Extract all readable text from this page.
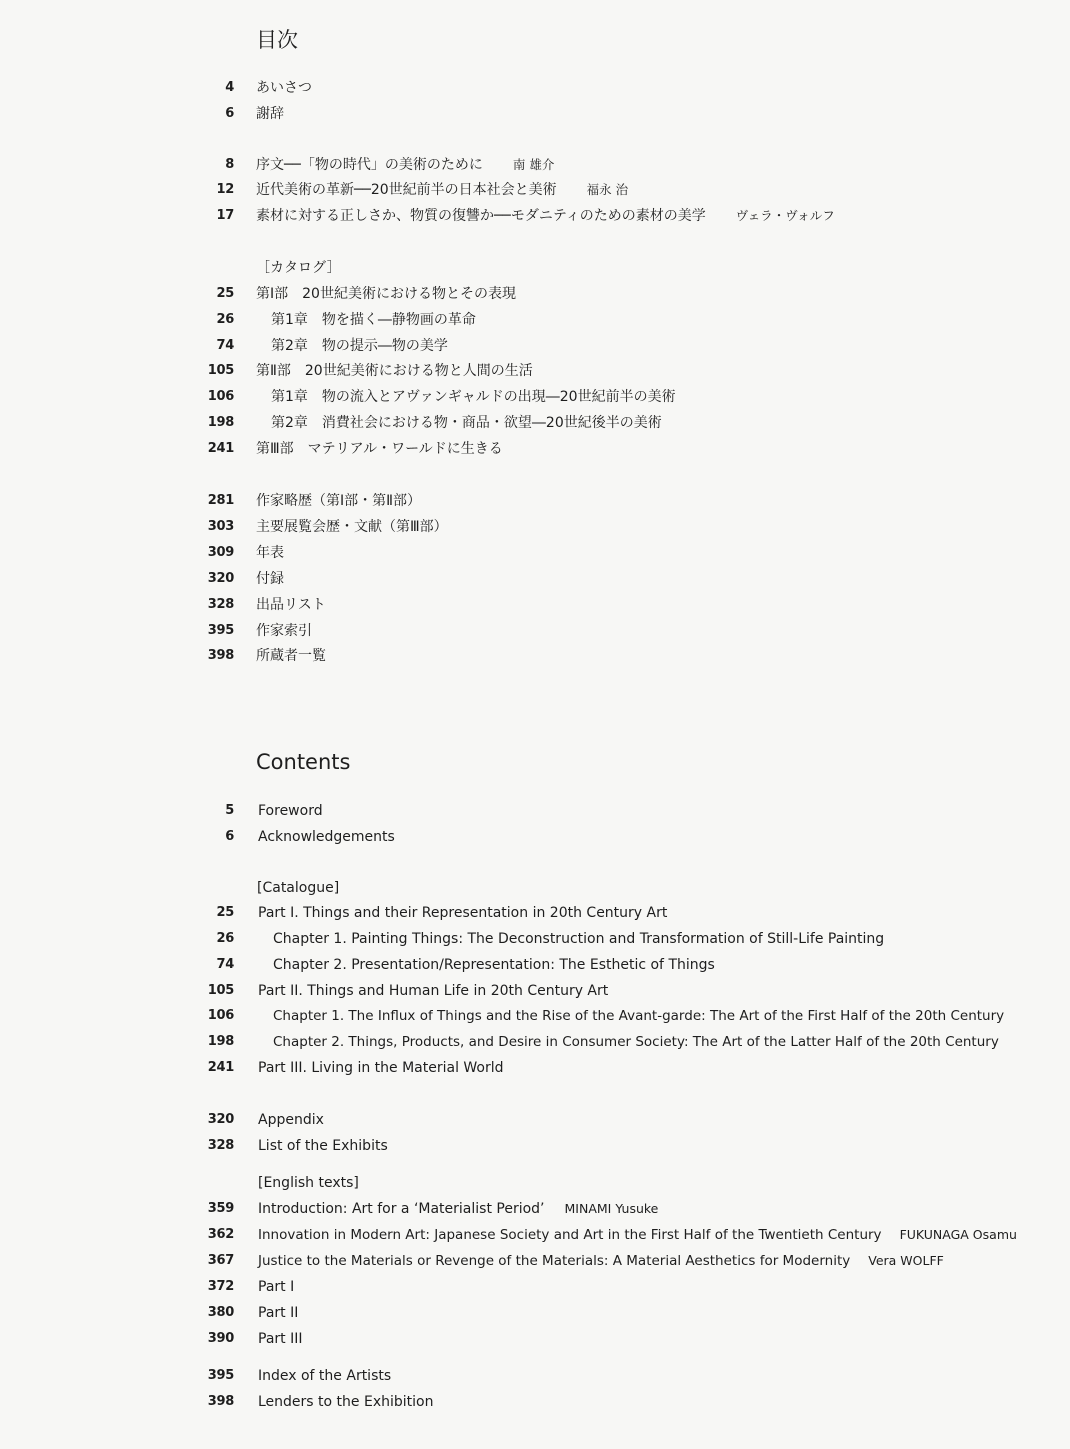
目次
4 あいさつ
6 謝辞
8 序文──「物の時代」の美術のために 南 雄介
12 近代美術の革新──20世紀前半の日本社会と美術 福永 治
17 素材に対する正しさか、物質の復讐か──モダニティのための素材の美学 ヴェラ・ヴォルフ
［カタログ］
25 第Ⅰ部　20世紀美術における物とその表現
26	第1章　物を描く―静物画の革命
74	第2章　物の提示―物の美学
105 第Ⅱ部　20世紀美術における物と人間の生活
106	第1章　物の流入とアヴァンギャルドの出現―20世紀前半の美術
198	第2章　消費社会における物・商品・欲望―20世紀後半の美術
241 第Ⅲ部　マテリアル・ワールドに生きる
281 作家略歴（第Ⅰ部・第Ⅱ部）
303 主要展覧会歴・文献（第Ⅲ部）
309 年表
320 付録
328 出品リスト
395 作家索引
398 所蔵者一覧
Contents
5 Foreword
6 Acknowledgements
[Catalogue]
25 Part I. Things and their Representation in 20th Century Art
26	Chapter 1. Painting Things: The Deconstruction and Transformation of Still-Life Painting
74	Chapter 2. Presentation/Representation: The Esthetic of Things
105 Part II. Things and Human Life in 20th Century Art
106	Chapter 1. The Influx of Things and the Rise of the Avant-garde: The Art of the First Half of the 20th Century
198	Chapter 2. Things, Products, and Desire in Consumer Society: The Art of the Latter Half of the 20th Century
241 Part III. Living in the Material World
320 Appendix
328 List of the Exhibits
[English texts]
359 Introduction: Art for a ‘Materialist Period’ MINAMI Yusuke
362 Innovation in Modern Art: Japanese Society and Art in the First Half of the Twentieth Century FUKUNAGA Osamu
367 Justice to the Materials or Revenge of the Materials: A Material Aesthetics for Modernity Vera WOLFF
372 Part I
380 Part II
390 Part III
395 Index of the Artists
398 Lenders to the Exhibition
